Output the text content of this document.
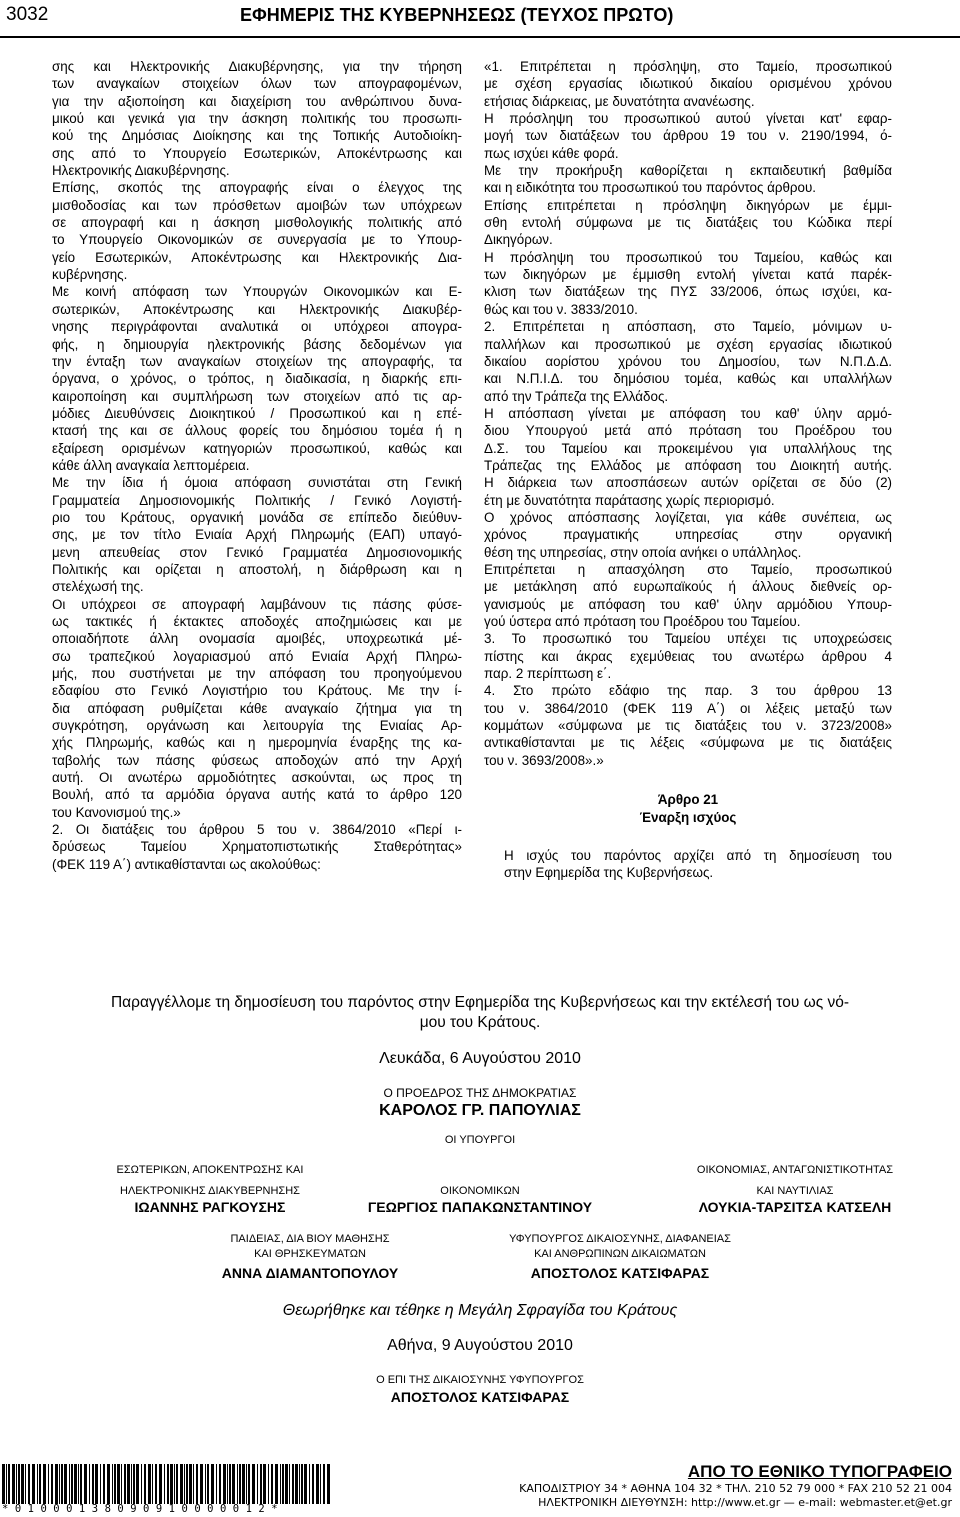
3032	ΕΦΗΜΕΡΙΣ ΤΗΣ ΚΥΒΕΡΝΗΣΕΩΣ (ΤΕΥΧΟΣ ΠΡΩΤΟ)
σης και Ηλεκτρονικής Διακυβέρνησης, για την τήρηση
των αναγκαίων στοιχείων όλων των απογραφομένων,
για την αξιοποίηση και διαχείριση του ανθρώπινου δυνα-
μικού και γενικά για την άσκηση πολιτικής του προσωπι-
κού της Δημόσιας Διοίκησης και της Τοπικής Αυτοδιοίκη-
σης από το Υπουργείο Εσωτερικών, Αποκέντρωσης και
Ηλεκτρονικής Διακυβέρνησης.
Επίσης, σκοπός της απογραφής είναι ο έλεγχος της
μισθοδοσίας και των πρόσθετων αμοιβών των υπόχρεων
σε απογραφή και η άσκηση μισθολογικής πολιτικής από
το Υπουργείο Οικονομικών σε συνεργασία με το Υπουρ-
γείο Εσωτερικών, Αποκέντρωσης και Ηλεκτρονικής Δια-
κυβέρνησης.
Με κοινή απόφαση των Υπουργών Οικονομικών και Ε-
σωτερικών, Αποκέντρωσης και Ηλεκτρονικής Διακυβέρ-
νησης περιγράφονται αναλυτικά οι υπόχρεοι απογρα-
φής, η δημιουργία ηλεκτρονικής βάσης δεδομένων για
την ένταξη των αναγκαίων στοιχείων της απογραφής, τα
όργανα, ο χρόνος, ο τρόπος, η διαδικασία, η διαρκής επι-
καιροποίηση και συμπλήρωση των στοιχείων από τις αρ-
μόδιες Διευθύνσεις Διοικητικού / Προσωπικού και η επέ-
κτασή της και σε άλλους φορείς του δημόσιου τομέα ή η
εξαίρεση ορισμένων κατηγοριών προσωπικού, καθώς και
κάθε άλλη αναγκαία λεπτομέρεια.
Με την ίδια ή όμοια απόφαση συνιστάται στη Γενική
Γραμματεία Δημοσιονομικής Πολιτικής / Γενικό Λογιστή-
ριο του Κράτους, οργανική μονάδα σε επίπεδο διεύθυν-
σης, με τον τίτλο Ενιαία Αρχή Πληρωμής (ΕΑΠ) υπαγό-
μενη απευθείας στον Γενικό Γραμματέα Δημοσιονομικής
Πολιτικής και ορίζεται η αποστολή, η διάρθρωση και η
στελέχωσή της.
Οι υπόχρεοι σε απογραφή λαμβάνουν τις πάσης φύσε-
ως τακτικές ή έκτακτες αποδοχές αποζημιώσεις και με
οποιαδήποτε άλλη ονομασία αμοιβές, υποχρεωτικά μέ-
σω τραπεζικού λογαριασμού από Ενιαία Αρχή Πληρω-
μής, που συστήνεται με την απόφαση του προηγούμενου
εδαφίου στο Γενικό Λογιστήριο του Κράτους. Με την ί-
δια απόφαση ρυθμίζεται κάθε αναγκαίο ζήτημα για τη
συγκρότηση, οργάνωση και λειτουργία της Ενιαίας Αρ-
χής Πληρωμής, καθώς και η ημερομηνία έναρξης της κα-
ταβολής των πάσης φύσεως αποδοχών από την Αρχή
αυτή. Οι ανωτέρω αρμοδιότητες ασκούνται, ως προς τη
Βουλή, από τα αρμόδια όργανα αυτής κατά το άρθρο 120
του Κανονισμού της.»
2. Οι διατάξεις του άρθρου 5 του ν. 3864/2010 «Περί ι-
δρύσεως Ταμείου Χρηματοπιστωτικής Σταθερότητας»
(ΦΕΚ 119 Α΄) αντικαθίστανται ως ακολούθως:
«1. Επιτρέπεται η πρόσληψη, στο Ταμείο, προσωπικού
με σχέση εργασίας ιδιωτικού δικαίου ορισμένου χρόνου
ετήσιας διάρκειας, με δυνατότητα ανανέωσης.
Η πρόσληψη του προσωπικού αυτού γίνεται κατ' εφαρ-
μογή των διατάξεων του άρθρου 19 του ν. 2190/1994, ό-
πως ισχύει κάθε φορά.
Με την προκήρυξη καθορίζεται η εκπαιδευτική βαθμίδα
και η ειδικότητα του προσωπικού του παρόντος άρθρου.
Επίσης επιτρέπεται η πρόσληψη δικηγόρων με έμμι-
σθη εντολή σύμφωνα με τις διατάξεις του Κώδικα περί
Δικηγόρων.
Η πρόσληψη του προσωπικού του Ταμείου, καθώς και
των δικηγόρων με έμμισθη εντολή γίνεται κατά παρέκ-
κλιση των διατάξεων της ΠΥΣ 33/2006, όπως ισχύει, κα-
θώς και του ν. 3833/2010.
2. Επιτρέπεται η απόσπαση, στο Ταμείο, μόνιμων υ-
παλλήλων και προσωπικού με σχέση εργασίας ιδιωτικού
δικαίου αορίστου χρόνου του Δημοσίου, των Ν.Π.Δ.Δ.
και Ν.Π.Ι.Δ. του δημόσιου τομέα, καθώς και υπαλλήλων
από την Τράπεζα της Ελλάδος.
Η απόσπαση γίνεται με απόφαση του καθ' ύλην αρμό-
διου Υπουργού μετά από πρόταση του Προέδρου του
Δ.Σ. του Ταμείου και προκειμένου για υπαλλήλους της
Τράπεζας της Ελλάδος με απόφαση του Διοικητή αυτής.
Η διάρκεια των αποσπάσεων αυτών ορίζεται σε δύο (2)
έτη με δυνατότητα παράτασης χωρίς περιορισμό.
Ο χρόνος απόσπασης λογίζεται, για κάθε συνέπεια, ως
χρόνος πραγματικής υπηρεσίας στην οργανική
θέση της υπηρεσίας, στην οποία ανήκει ο υπάλληλος.
Επιτρέπεται η απασχόληση στο Ταμείο, προσωπικού
με μετάκληση από ευρωπαϊκούς ή άλλους διεθνείς ορ-
γανισμούς με απόφαση του καθ' ύλην αρμόδιου Υπουρ-
γού ύστερα από πρόταση του Προέδρου του Ταμείου.
3. Το προσωπικό του Ταμείου υπέχει τις υποχρεώσεις
πίστης και άκρας εχεμύθειας του ανωτέρω άρθρου 4
παρ. 2 περίπτωση ε΄.
4. Στο πρώτο εδάφιο της παρ. 3 του άρθρου 13
του ν. 3864/2010 (ΦΕΚ 119 Α΄) οι λέξεις μεταξύ των
κομμάτων «σύμφωνα με τις διατάξεις του ν. 3723/2008»
αντικαθίστανται με τις λέξεις «σύμφωνα με τις διατάξεις
του ν. 3693/2008».»
Άρθρο 21
Έναρξη ισχύος
Η ισχύς του παρόντος αρχίζει από τη δημοσίευση του
στην Εφημερίδα της Κυβερνήσεως.
Παραγγέλλομε τη δημοσίευση του παρόντος στην Εφημερίδα της Κυβερνήσεως και την εκτέλεσή του ως νό-
μου του Κράτους.
Λευκάδα, 6 Αυγούστου 2010
Ο ΠΡΟΕΔΡΟΣ ΤΗΣ ΔΗΜΟΚΡΑΤΙΑΣ
ΚΑΡΟΛΟΣ ΓΡ. ΠΑΠΟΥΛΙΑΣ
ΟΙ ΥΠΟΥΡΓΟΙ
ΕΣΩΤΕΡΙΚΩΝ, ΑΠΟΚΕΝΤΡΩΣΗΣ ΚΑΙ
ΗΛΕΚΤΡΟΝΙΚΗΣ ΔΙΑΚΥΒΕΡΝΗΣΗΣ
ΙΩΑΝΝΗΣ ΡΑΓΚΟΥΣΗΣ
ΟΙΚΟΝΟΜΙΚΩΝ
ΓΕΩΡΓΙΟΣ ΠΑΠΑΚΩΝΣΤΑΝΤΙΝΟΥ
ΟΙΚΟΝΟΜΙΑΣ, ΑΝΤΑΓΩΝΙΣΤΙΚΟΤΗΤΑΣ
ΚΑΙ ΝΑΥΤΙΛΙΑΣ
ΛΟΥΚΙΑ-ΤΑΡΣΙΤΣΑ ΚΑΤΣΕΛΗ
ΠΑΙΔΕΙΑΣ, ΔΙΑ ΒΙΟΥ ΜΑΘΗΣΗΣ
ΚΑΙ ΘΡΗΣΚΕΥΜΑΤΩΝ
ΑΝΝΑ ΔΙΑΜΑΝΤΟΠΟΥΛΟΥ
ΥΦΥΠΟΥΡΓΟΣ ΔΙΚΑΙΟΣΥΝΗΣ, ΔΙΑΦΑΝΕΙΑΣ
ΚΑΙ ΑΝΘΡΩΠΙΝΩΝ ΔΙΚΑΙΩΜΑΤΩΝ
ΑΠΟΣΤΟΛΟΣ ΚΑΤΣΙΦΑΡΑΣ
Θεωρήθηκε και τέθηκε η Μεγάλη Σφραγίδα του Κράτους
Αθήνα, 9 Αυγούστου 2010
Ο ΕΠΙ ΤΗΣ ΔΙΚΑΙΟΣΥΝΗΣ ΥΦΥΠΟΥΡΓΟΣ
ΑΠΟΣΤΟΛΟΣ ΚΑΤΣΙΦΑΡΑΣ
*01000138090910000012*
ΑΠΟ ΤΟ ΕΘΝΙΚΟ ΤΥΠΟΓΡΑΦΕΙΟ
ΚΑΠΟΔΙΣΤΡΙΟΥ 34 * ΑΘΗΝΑ 104 32 * ΤΗΛ. 210 52 79 000 * FAX 210 52 21 004
ΗΛΕΚΤΡΟΝΙΚΗ ΔΙΕΥΘΥΝΣΗ: http://www.et.gr — e-mail: webmaster.et@et.gr
